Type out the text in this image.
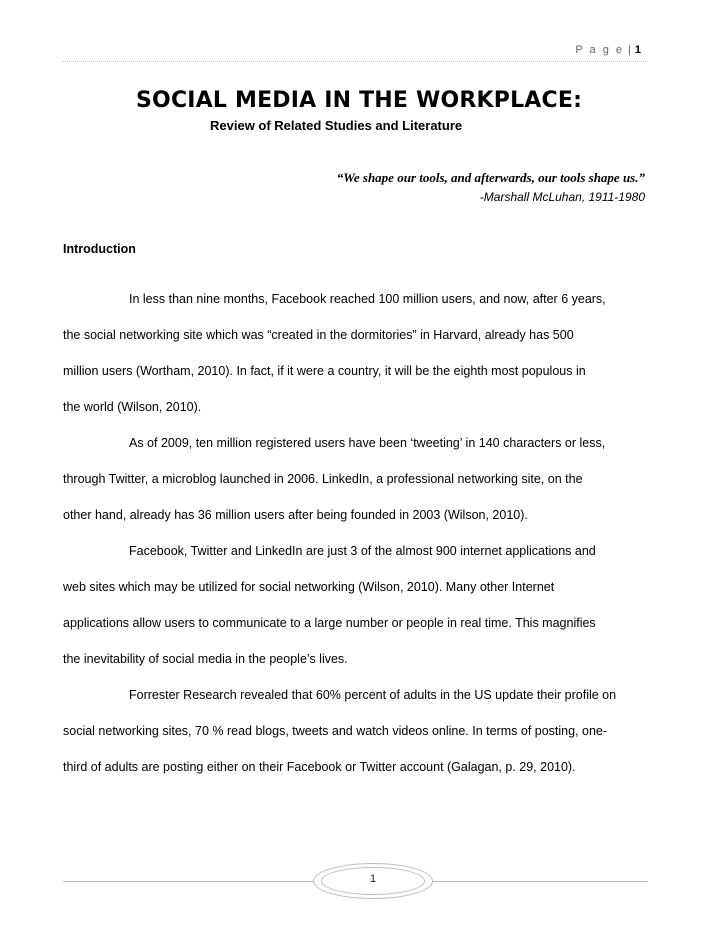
P a g e | 1
SOCIAL MEDIA IN THE WORKPLACE:
Review of Related Studies and Literature
“We shape our tools, and afterwards, our tools shape us.”
-Marshall McLuhan, 1911-1980
Introduction
In less than nine months, Facebook reached 100 million users, and now, after 6 years,
the social networking site which was “created in the dormitories” in Harvard, already has 500
million users (Wortham, 2010). In fact, if it were a country, it will be the eighth most populous in
the world (Wilson, 2010).
As of 2009, ten million registered users have been ‘tweeting’ in 140 characters or less,
through Twitter, a microblog launched in 2006. LinkedIn, a professional networking site, on the
other hand, already has 36 million users after being founded in 2003 (Wilson, 2010).
Facebook, Twitter and LinkedIn are just 3 of the almost 900 internet applications and
web sites which may be utilized for social networking (Wilson, 2010). Many other Internet
applications allow users to communicate to a large number or people in real time. This magnifies
the inevitability of social media in the people’s lives.
Forrester Research revealed that 60% percent of adults in the US update their profile on
social networking sites, 70 % read blogs, tweets and watch videos online. In terms of posting, one-
third of adults are posting either on their Facebook or Twitter account (Galagan, p. 29, 2010).
1
